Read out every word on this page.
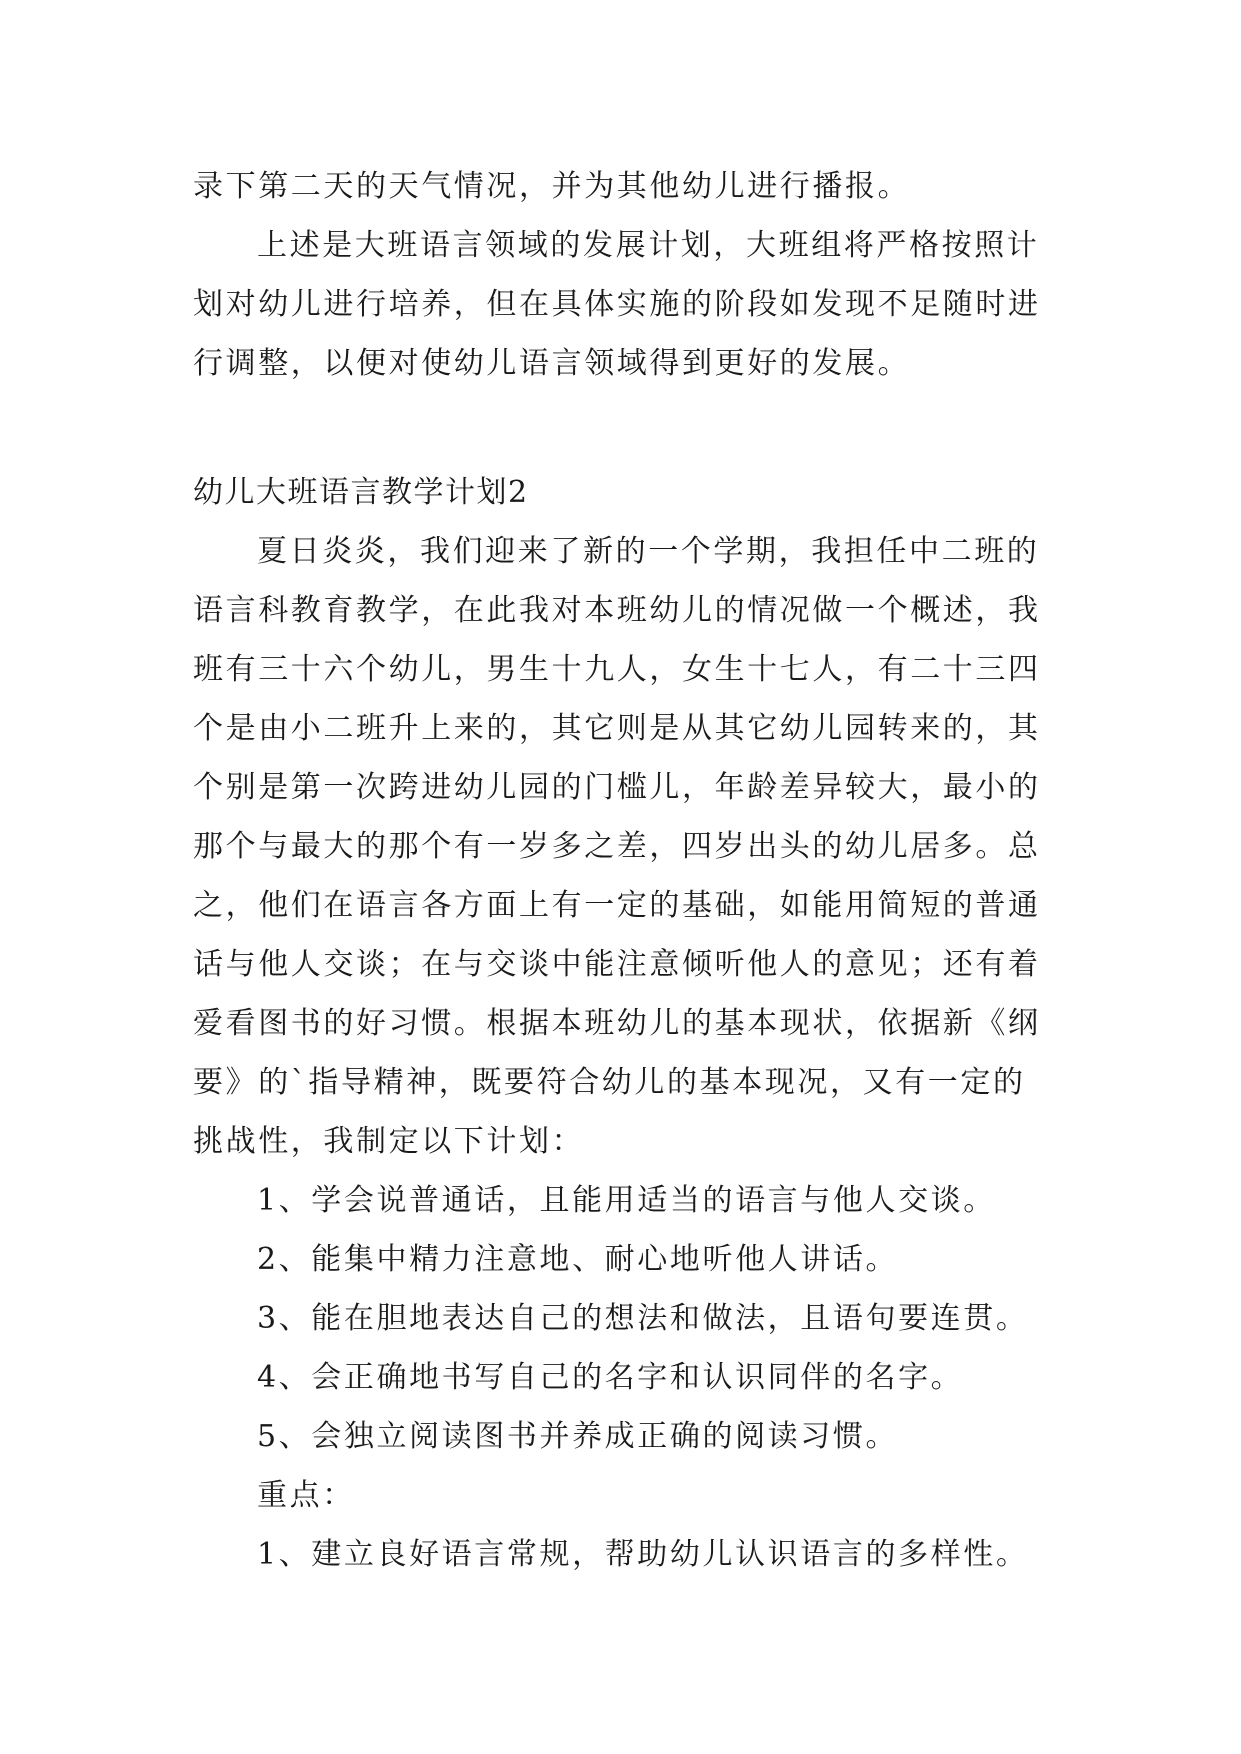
录下第二天的天气情况，并为其他幼儿进行播报。

上述是大班语言领域的发展计划，大班组将严格按照计

划对幼儿进行培养，但在具体实施的阶段如发现不足随时进

行调整，以便对使幼儿语言领域得到更好的发展。

幼儿大班语言教学计划2

夏日炎炎，我们迎来了新的一个学期，我担任中二班的

语言科教育教学，在此我对本班幼儿的情况做一个概述，我

班有三十六个幼儿，男生十九人，女生十七人，有二十三四

个是由小二班升上来的，其它则是从其它幼儿园转来的，其

个别是第一次跨进幼儿园的门槛儿，年龄差异较大，最小的

那个与最大的那个有一岁多之差，四岁出头的幼儿居多。总

之，他们在语言各方面上有一定的基础，如能用简短的普通

话与他人交谈；在与交谈中能注意倾听他人的意见；还有着

爱看图书的好习惯。根据本班幼儿的基本现状，依据新《纲

要》的`指导精神，既要符合幼儿的基本现况，又有一定的

挑战性，我制定以下计划：

1、学会说普通话，且能用适当的语言与他人交谈。

2、能集中精力注意地、耐心地听他人讲话。

3、能在胆地表达自己的想法和做法，且语句要连贯。

4、会正确地书写自己的名字和认识同伴的名字。

5、会独立阅读图书并养成正确的阅读习惯。

重点：

1、建立良好语言常规，帮助幼儿认识语言的多样性。
